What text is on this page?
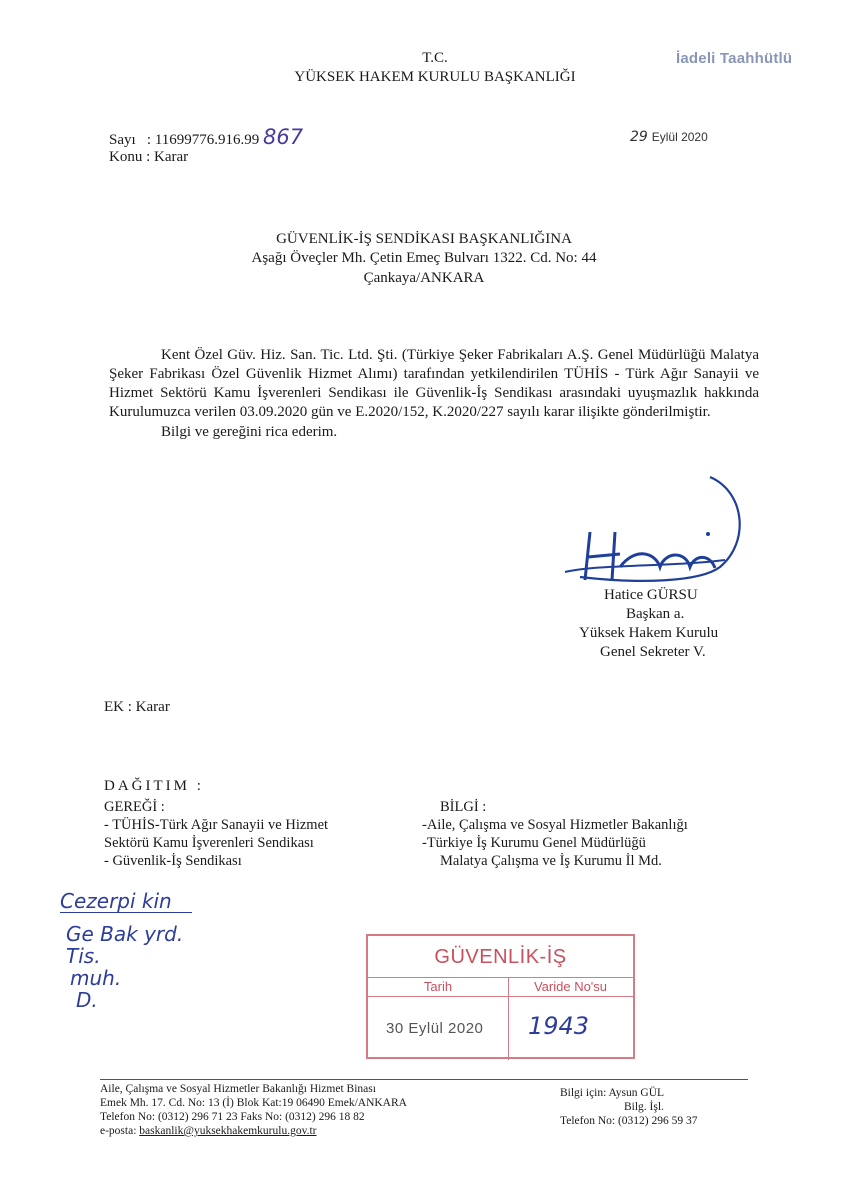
T.C.
YÜKSEK HAKEM KURULU BAŞKANLIĞI
İadeli Taahhütlü
Sayı   : 11699776.916.99 867
Konu : Karar
29 Eylül 2020
GÜVENLİK-İŞ SENDİKASI BAŞKANLIĞINA
Aşağı Öveçler Mh. Çetin Emeç Bulvarı 1322. Cd. No: 44
Çankaya/ANKARA

Kent Özel Güv. Hiz. San. Tic. Ltd. Şti. (Türkiye Şeker Fabrikaları A.Ş. Genel Müdürlüğü Malatya Şeker Fabrikası Özel Güvenlik Hizmet Alımı) tarafından yetkilendirilen TÜHİS - Türk Ağır Sanayii ve Hizmet Sektörü Kamu İşverenleri Sendikası ile Güvenlik-İş Sendikası arasındaki uyuşmazlık hakkında Kurulumuzca verilen 03.09.2020 gün ve E.2020/152, K.2020/227 sayılı karar ilişikte gönderilmiştir.

Bilgi ve gereğini rica ederim.

Hatice GÜRSU
Başkan a.
Yüksek Hakem Kurulu
Genel Sekreter V.
EK : Karar
DAĞITIM :
GEREĞİ :
- TÜHİS-Türk Ağır Sanayii ve Hizmet
Sektörü Kamu İşverenleri Sendikası
- Güvenlik-İş Sendikası
BİLGİ :
-Aile, Çalışma ve Sosyal Hizmetler Bakanlığı
-Türkiye İş Kurumu Genel Müdürlüğü
Malatya Çalışma ve İş Kurumu İl Md.
Cezerpi kin
Ge Bak yrd.
Tis.
muh.
D.
GÜVENLİK-İŞ
Tarih	Varide No'su
30 Eylül 2020 1943
Aile, Çalışma ve Sosyal Hizmetler Bakanlığı Hizmet Binası
Emek Mh. 17. Cd. No: 13 (İ) Blok Kat:19 06490 Emek/ANKARA
Telefon No: (0312) 296 71 23 Faks No: (0312) 296 18 82
e-posta: baskanlik@yuksekhakemkurulu.gov.tr
Bilgi için: Aysun GÜL
Bilg. İşl.
Telefon No: (0312) 296 59 37
